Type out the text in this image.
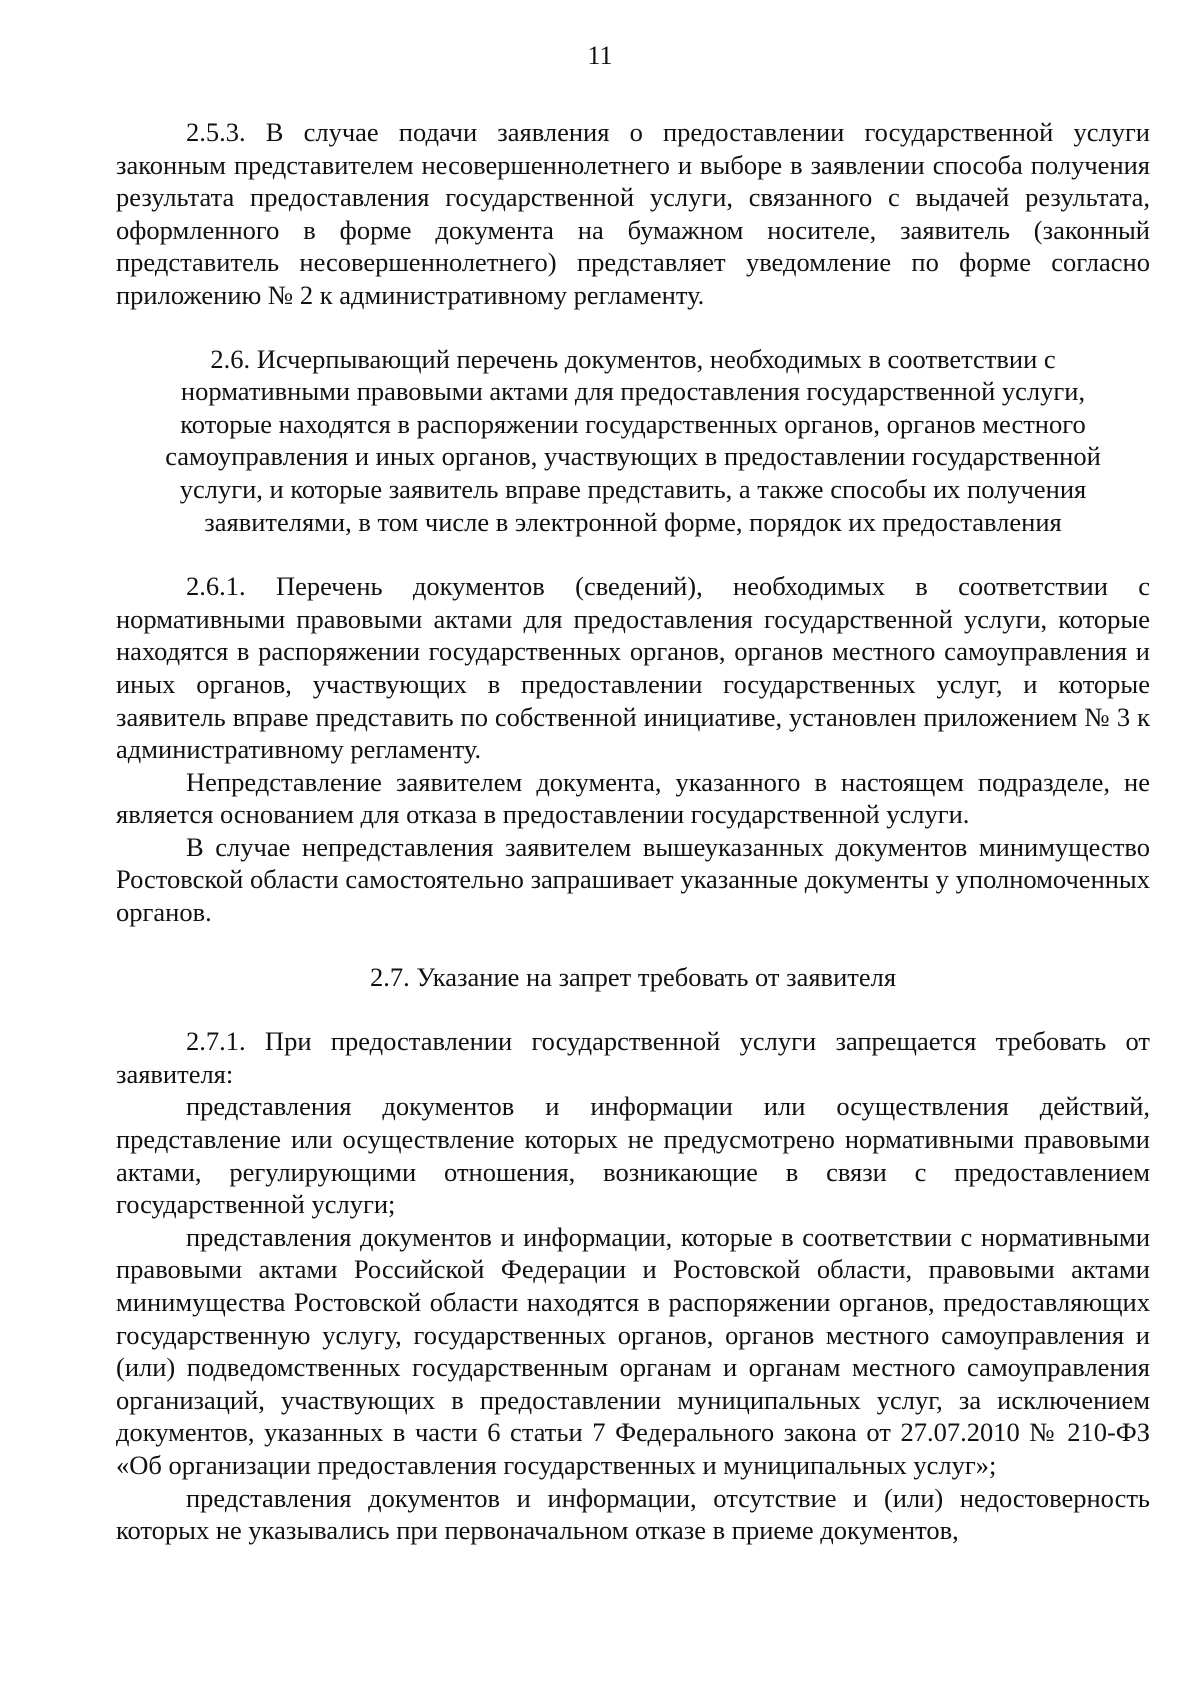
11

2.5.3. В случае подачи заявления о предоставлении государственной услуги законным представителем несовершеннолетнего и выборе в заявлении способа получения результата предоставления государственной услуги, связанного с выдачей результата, оформленного в форме документа на бумажном носителе, заявитель (законный представитель несовершеннолетнего) представляет уведомление по форме согласно приложению № 2 к административному регламенту.

2.6. Исчерпывающий перечень документов, необходимых в соответствии с нормативными правовыми актами для предоставления государственной услуги, которые находятся в распоряжении государственных органов, органов местного самоуправления и иных органов, участвующих в предоставлении государственной услуги, и которые заявитель вправе представить, а также способы их получения заявителями, в том числе в электронной форме, порядок их предоставления

2.6.1. Перечень документов (сведений), необходимых в соответствии с нормативными правовыми актами для предоставления государственной услуги, которые находятся в распоряжении государственных органов, органов местного самоуправления и иных органов, участвующих в предоставлении государственных услуг, и которые заявитель вправе представить по собственной инициативе, установлен приложением № 3 к административному регламенту.

Непредставление заявителем документа, указанного в настоящем подразделе, не является основанием для отказа в предоставлении государственной услуги.

В случае непредставления заявителем вышеуказанных документов минимущество Ростовской области самостоятельно запрашивает указанные документы у уполномоченных органов.

2.7. Указание на запрет требовать от заявителя

2.7.1. При предоставлении государственной услуги запрещается требовать от заявителя:

представления документов и информации или осуществления действий, представление или осуществление которых не предусмотрено нормативными правовыми актами, регулирующими отношения, возникающие в связи с предоставлением государственной услуги;

представления документов и информации, которые в соответствии с нормативными правовыми актами Российской Федерации и Ростовской области, правовыми актами минимущества Ростовской области находятся в распоряжении органов, предоставляющих государственную услугу, государственных органов, органов местного самоуправления и (или) подведомственных государственным органам и органам местного самоуправления организаций, участвующих в предоставлении муниципальных услуг, за исключением документов, указанных в части 6 статьи 7 Федерального закона от 27.07.2010 № 210-ФЗ «Об организации предоставления государственных и муниципальных услуг»;

представления документов и информации, отсутствие и (или) недостоверность которых не указывались при первоначальном отказе в приеме документов,
